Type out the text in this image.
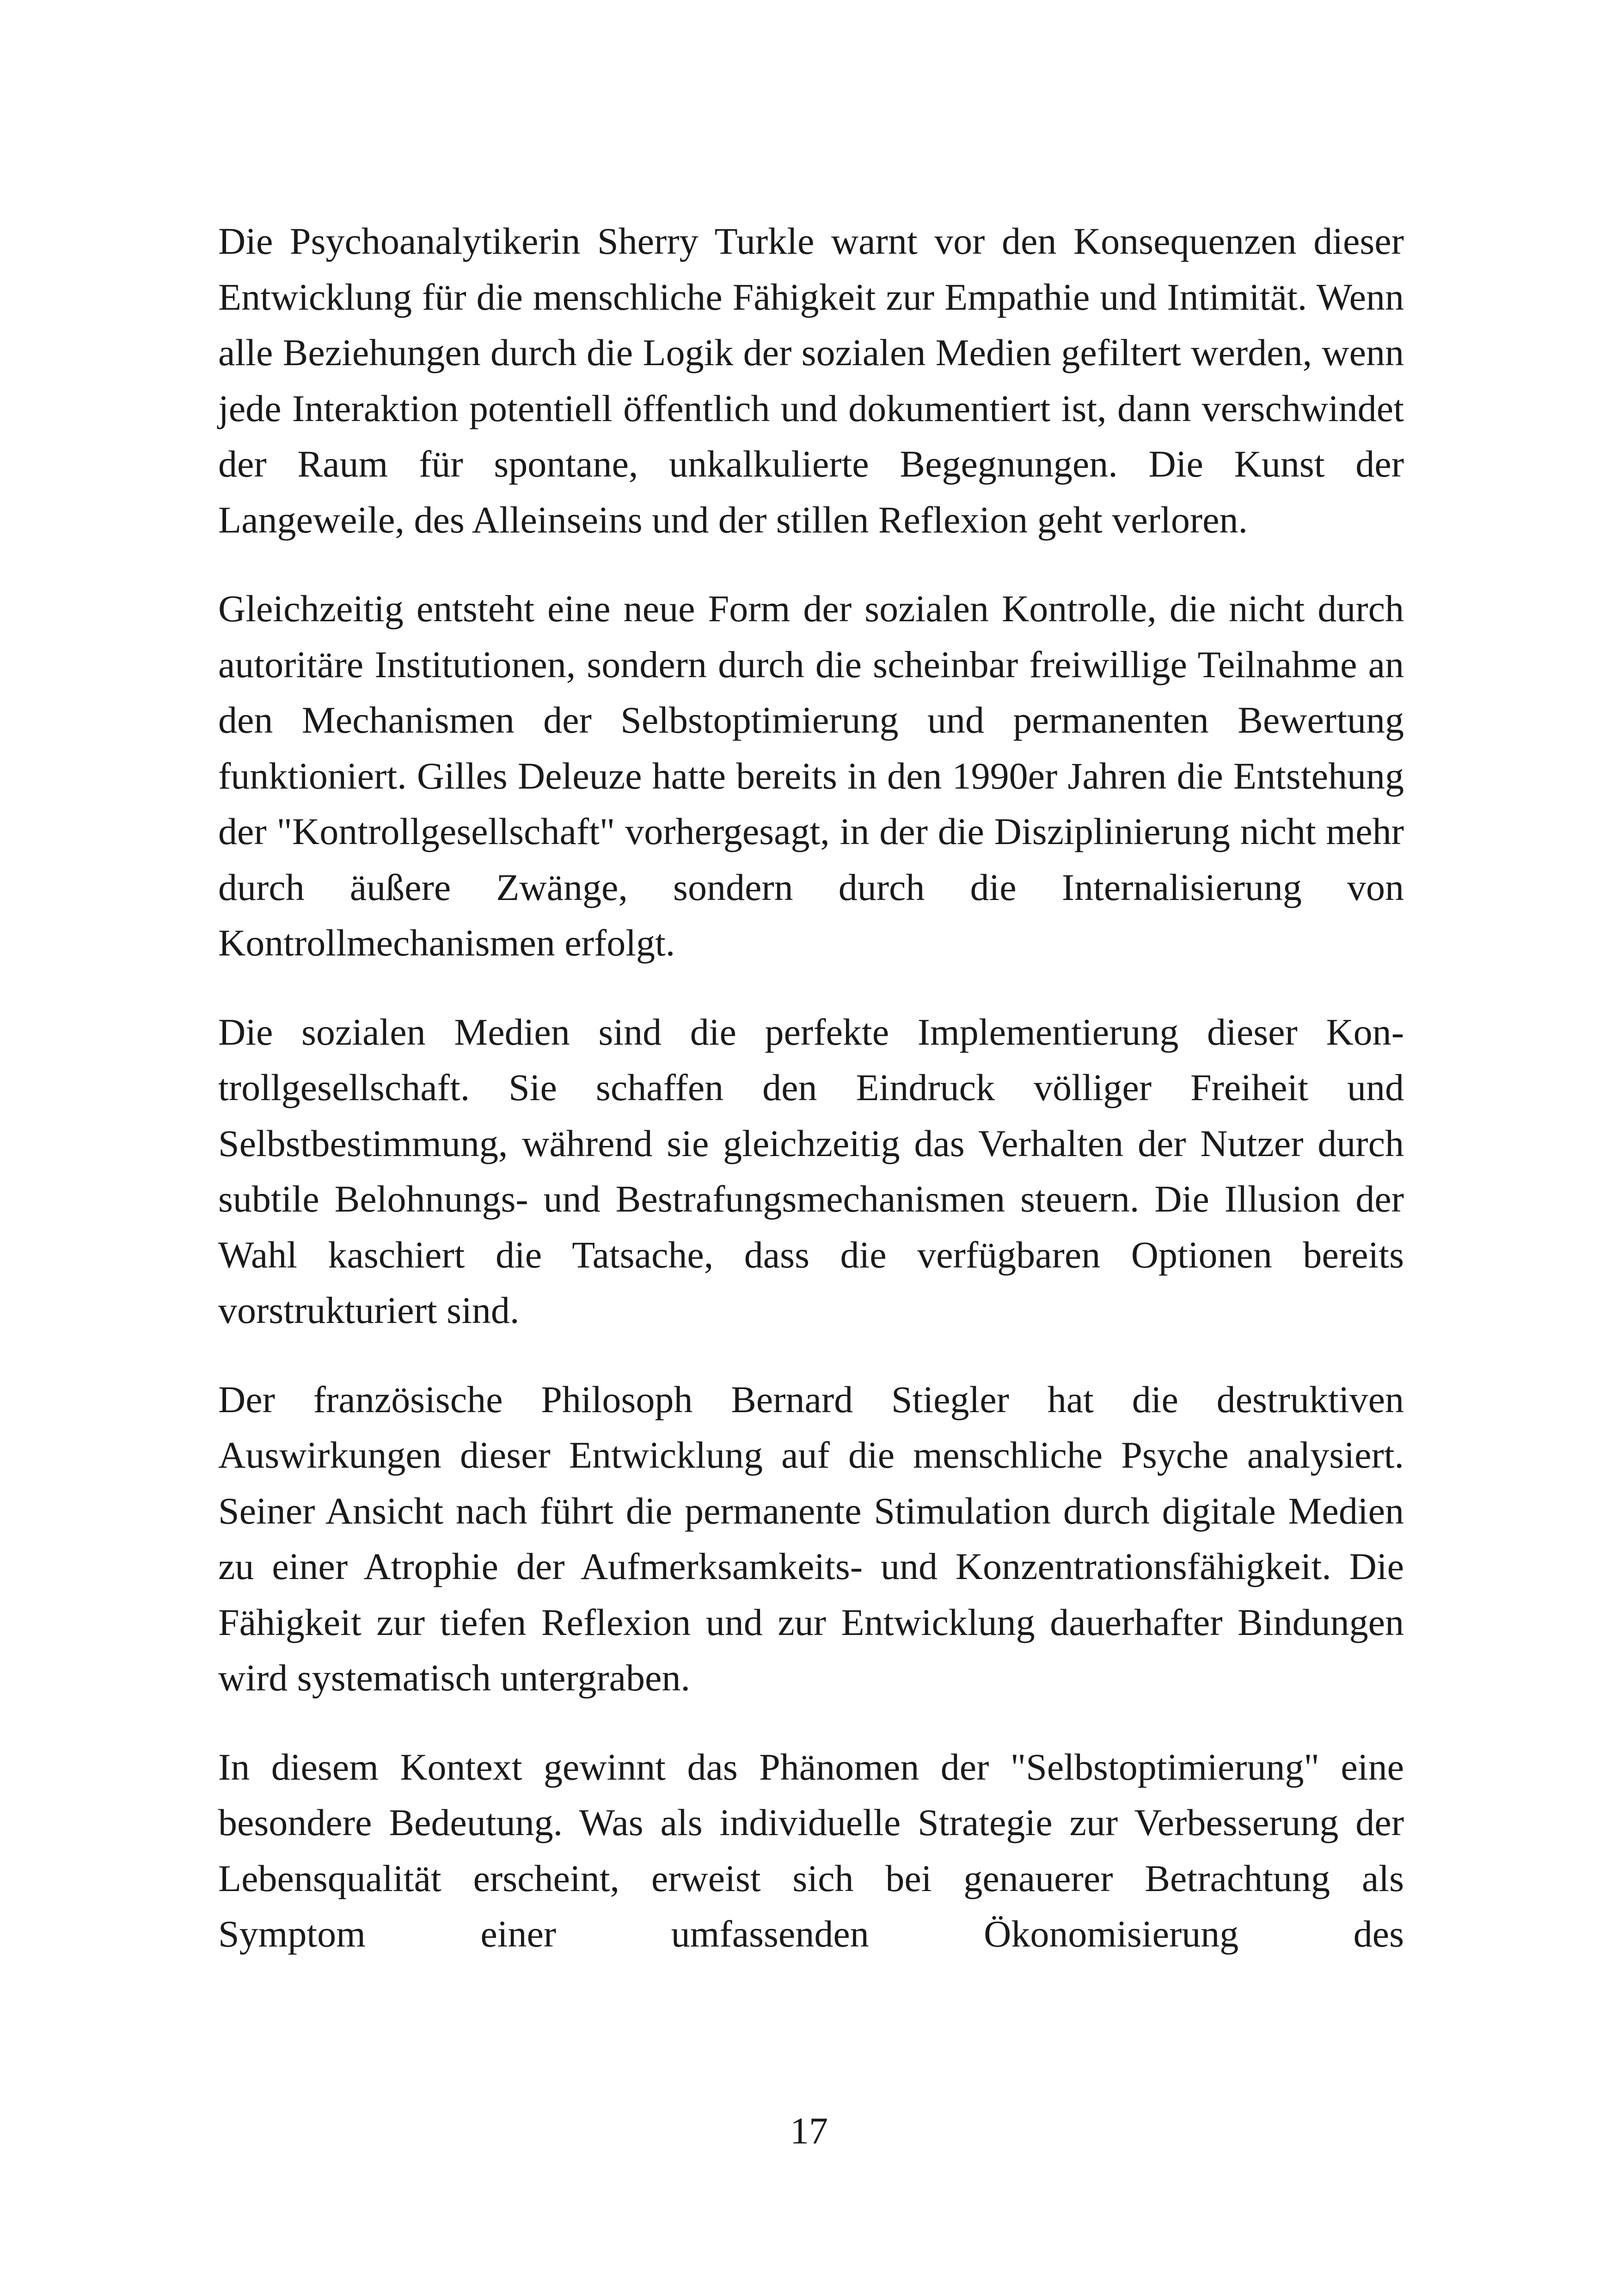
Die Psychoanalytikerin Sherry Turkle warnt vor den Konsequenzen dieser Entwicklung für die menschliche Fähigkeit zur Empathie und Intimität. Wenn alle Beziehungen durch die Logik der sozialen Medien gefiltert werden, wenn jede Interaktion potentiell öffentlich und dokumentiert ist, dann verschwindet der Raum für spontane, unkalkulierte Begegnungen. Die Kunst der Langeweile, des Alleinseins und der stillen Reflexion geht verloren.

Gleichzeitig entsteht eine neue Form der sozialen Kontrolle, die nicht durch autoritäre Institutionen, sondern durch die scheinbar freiwillige Teilnahme an den Mechanismen der Selbstoptimierung und permanenten Bewertung funktioniert. Gilles Deleuze hatte bereits in den 1990er Jahren die Entstehung der "Kontrollgesellschaft" vorhergesagt, in der die Disziplinierung nicht mehr durch äußere Zwänge, sondern durch die Internalisierung von Kontrollmechanismen erfolgt.

Die sozialen Medien sind die perfekte Implementierung dieser Kontrollgesellschaft. Sie schaffen den Eindruck völliger Freiheit und Selbstbestimmung, während sie gleichzeitig das Verhalten der Nutzer durch subtile Belohnungs- und Bestrafungsmechanismen steuern. Die Illusion der Wahl kaschiert die Tatsache, dass die verfügbaren Optionen bereits vorstrukturiert sind.

Der französische Philosoph Bernard Stiegler hat die destruktiven Auswirkungen dieser Entwicklung auf die menschliche Psyche analysiert. Seiner Ansicht nach führt die permanente Stimulation durch digitale Medien zu einer Atrophie der Aufmerksamkeits- und Konzentrationsfähigkeit. Die Fähigkeit zur tiefen Reflexion und zur Entwicklung dauerhafter Bindungen wird systematisch untergraben.

In diesem Kontext gewinnt das Phänomen der "Selbstoptimierung" eine besondere Bedeutung. Was als individuelle Strategie zur Verbesserung der Lebensqualität erscheint, erweist sich bei genauerer Betrachtung als Symptom einer umfassenden Ökonomisierung des

17
